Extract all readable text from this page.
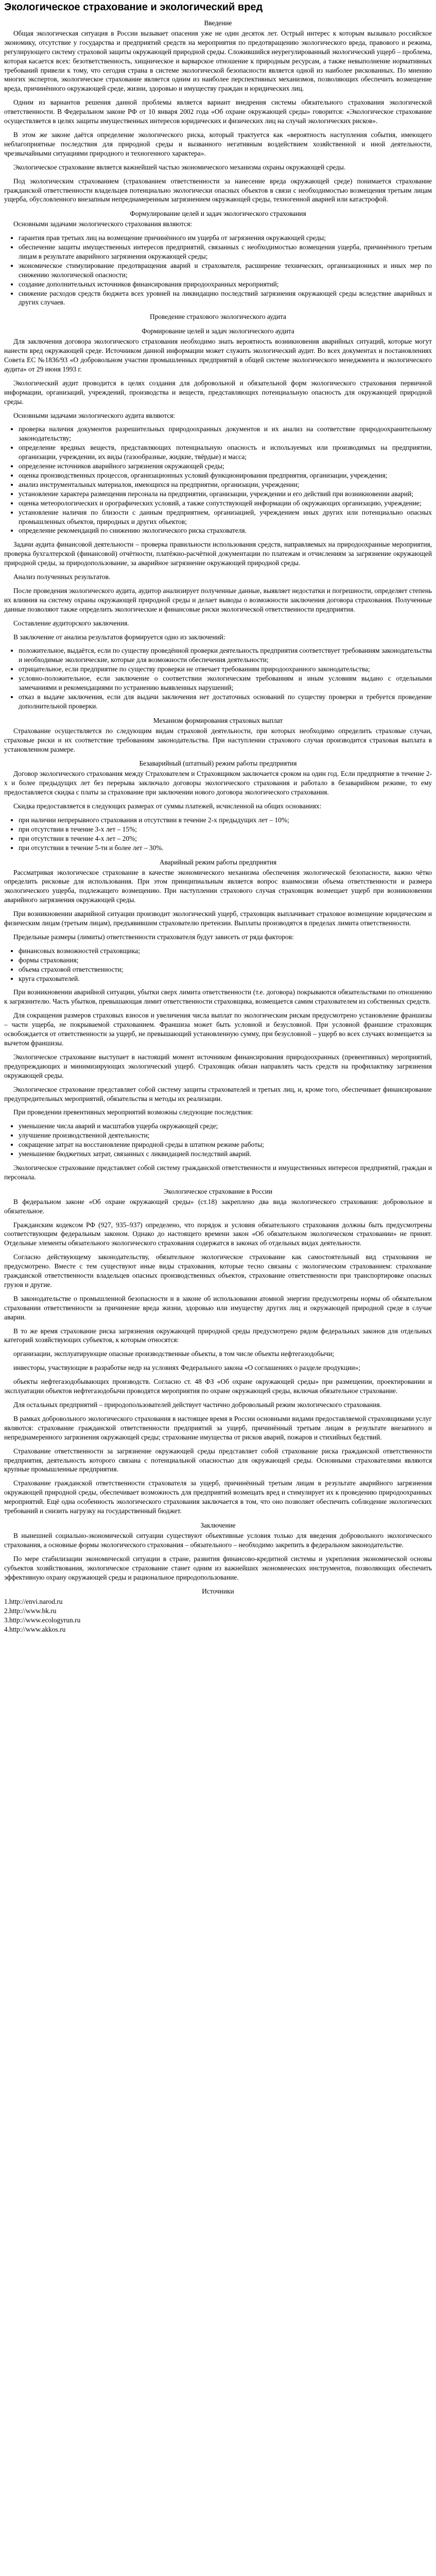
Экологическое страхование и экологический вред
Введение

Общая экологическая ситуация в России вызывает опасения уже не один десяток лет. Острый интерес к которым вызывало российское экономику, отсутствие у государства и предприятий средств на мероприятия по предотвращению экологического вреда, правового и режима, регулирующего систему страховой защиты окружающей природной среды. Сложившийся неурегулированный экологический ущерб – проблема, которая касается всех: безответственность, хищническое и варварское отношение к природным ресурсам, а также невыполнение нормативных требований привели к тому, что сегодня страна в системе экологической безопасности является одной из наиболее рискованных. По мнению многих экспертов, экологическое страхование является одним из наиболее перспективных механизмов, позволяющих обеспечить возмещение вреда, причинённого окружающей среде, жизни, здоровью и имуществу граждан и юридических лиц.

Одним из вариантов решения данной проблемы является вариант внедрения системы обязательного страхования экологической ответственности. В Федеральном законе РФ от 10 января 2002 года «Об охране окружающей среды» говорится: «Экологическое страхование осуществляется в целях защиты имущественных интересов юридических и физических лиц на случай экологических рисков».

В этом же законе даётся определение экологического риска, который трактуется как «вероятность наступления события, имеющего неблагоприятные последствия для природной среды и вызванного негативным воздействием хозяйственной и иной деятельности, чрезвычайными ситуациями природного и техногенного характера».

Экологическое страхование является важнейшей частью экономического механизма охраны окружающей среды.

Под экологическим страхованием (страхованием ответственности за нанесение вреда окружающей среде) понимается страхование гражданской ответственности владельцев потенциально экологически опасных объектов в связи с необходимостью возмещения третьим лицам ущерба, обусловленного внезапным непреднамеренным загрязнением окружающей среды, техногенной аварией или катастрофой.

Формулирование целей и задач экологического страхования

Основными задачами экологического страхования являются:

• гарантия прав третьих лиц на возмещение причинённого им ущерба от загрязнения окружающей среды;
• обеспечение защиты имущественных интересов предприятий, связанных с необходимостью возмещения ущерба, причинённого третьим лицам в результате аварийного загрязнения окружающей среды;
• экономическое стимулирование предотвращения аварий и страхователя, расширение технических, организационных и иных мер по снижению экологической опасности;
• создание дополнительных источников финансирования природоохранных мероприятий;
• снижение расходов средств бюджета всех уровней на ликвидацию последствий загрязнения окружающей среды вследствие аварийных и других случаев.
Проведение страхового экологического аудита
Формирование целей и задач экологического аудита

Для заключения договора экологического страхования необходимо знать вероятность возникновения аварийных ситуаций, которые могут нанести вред окружающей среде. Источником данной информации может служить экологический аудит. Во всех документах и постановлениях Совета ЕС №1836/93 «О добровольном участии промышленных предприятий в общей системе экологического менеджмента и экологического аудита» от 29 июня 1993 г.

Экологический аудит проводится в целях создания для добровольной и обязательной форм экологического страхования первичной информации, организаций, учреждений, производства и веществ, представляющих потенциальную опасность для окружающей природной среды.

Основными задачами экологического аудита являются:

• проверка наличия документов разрешительных природоохранных документов и их анализ на соответствие природоохранительному законодательству;
• определение вредных веществ, представляющих потенциальную опасность и используемых или производимых на предприятии, организации, учреждении, их виды (газообразные, жидкие, твёрдые) и масса;
• определение источников аварийного загрязнения окружающей среды;
• оценка производственных процессов, организационных условий функционирования предприятия, организации, учреждения;
• анализ инструментальных материалов, имеющихся на предприятии, организации, учреждении;
• установление характера размещения персонала на предприятии, организации, учреждении и его действий при возникновении аварий;
• оценка метеорологических и орографических условий, а также сопутствующей информации об окружающих организацию, учреждение;
• установление наличия по близости с данным предприятием, организацией, учреждением иных других или потенциально опасных промышленных объектов, природных и других объектов;
• определение рекомендаций по снижению экологического риска страхователя.

Задачи аудита финансовой деятельности – проверка правильности использования средств, направляемых на природоохранные мероприятия, проверка бухгалтерской (финансовой) отчётности, платёжно-расчётной документации по платежам и отчислениям за загрязнение окружающей природной среды, за природопользование, за аварийное загрязнение окружающей природной среды.

Анализ полученных результатов.

После проведения экологического аудита, аудитор анализирует полученные данные, выявляет недостатки и погрешности, определяет степень их влияния на систему охраны окружающей природной среды и делает выводы о возможности заключения договора страхования. Полученные данные позволяют также определить экологические и финансовые риски экологической ответственности предприятия.

Составление аудиторского заключения.

В заключение от анализа результатов формируется одно из заключений:

• положительное, выдаётся, если по существу проведённой проверки деятельность предприятия соответствует требованиям законодательства и необходимые экологические, которые для возможности обеспечения деятельности;
• отрицательное, если предприятие по существу проверки не отвечает требованиям природоохранного законодательства;
• условно-положительное, если заключение о соответствии экологическим требованиям и иным условиям выдано с отдельными замечаниями и рекомендациями по устранению выявленных нарушений;
• отказ в выдаче заключения, если для выдачи заключения нет достаточных оснований по существу проверки и требуется проведение дополнительной проверки.
Механизм формирования страховых выплат

Страхование осуществляется по следующим видам страховой деятельности, при которых необходимо определить страховые случаи, страховые риски и их соответствие требованиям законодательства. При наступлении страхового случая производится страховая выплата в установленном размере.

Безаварийный (штатный) режим работы предприятия

Договор экологического страхования между Страхователем и Страховщиком заключается сроком на один год. Если предприятие в течение 2-х и более предыдущих лет без перерыва заключало договоры экологического страхования и работало в безаварийном режиме, то ему предоставляется скидка с платы за страхование при заключении нового договора экологического страхования.

Скидка предоставляется в следующих размерах от суммы платежей, исчисленной на общих основаниях:

• при наличии непрерывного страхования и отсутствии в течение 2-х предыдущих лет – 10%;
• при отсутствии в течение 3-х лет – 15%;
• при отсутствии в течение 4-х лет – 20%;
• при отсутствии в течение 5-ти и более лет – 30%.
Аварийный режим работы предприятия

Рассматривая экологическое страхование в качестве экономического механизма обеспечения экологической безопасности, важно чётко определить рисковые для использования. При этом принципиальным является вопрос взаимосвязи объема ответственности и размера экологического ущерба, подлежащего возмещению. При наступлении страхового случая страховщик возмещает ущерб при возникновении аварийного загрязнения окружающей среды.

При возникновении аварийной ситуации производит экологический ущерб, страховщик выплачивает страховое возмещение юридическим и физическим лицам (третьим лицам), предъявившим страхователю претензии. Выплаты производятся в пределах лимита ответственности.

Предельные размеры (лимиты) ответственности страхователя будут зависеть от ряда факторов:

• финансовых возможностей страховщика;
• формы страхования;
• объема страховой ответственности;
• круга страхователей.

При возникновении аварийной ситуации, убытки сверх лимита ответственности (т.е. договора) покрываются обязательствами по отношению к загрязнителю. Часть убытков, превышающая лимит ответственности страховщика, возмещается самим страхователем из собственных средств.

Для сокращения размеров страховых взносов и увеличения числа выплат по экологическим рискам предусмотрено установление франшизы – части ущерба, не покрываемой страхованием. Франшиза может быть условной и безусловной. При условной франшизе страховщик освобождается от ответственности за ущерб, не превышающий установленную сумму, при безусловной – ущерб во всех случаях возмещается за вычетом франшизы.

Экологическое страхование выступает в настоящий момент источником финансирования природоохранных (превентивных) мероприятий, предупреждающих и минимизирующих экологический ущерб. Страховщик обязан направлять часть средств на профилактику загрязнения окружающей среды.

Экологическое страхование представляет собой систему защиты страхователей и третьих лиц, и, кроме того, обеспечивает финансирование предупредительных мероприятий, обязательства и методы их реализации.

При проведении превентивных мероприятий возможны следующие последствия:

• уменьшение числа аварий и масштабов ущерба окружающей среде;
• улучшение производственной деятельности;
• сокращение затрат на восстановление природной среды в штатном режиме работы;
• уменьшение бюджетных затрат, связанных с ликвидацией последствий аварий.

Экологическое страхование представляет собой систему гражданской ответственности и имущественных интересов предприятий, граждан и персонала.

Экологическое страхование в России

В федеральном законе «Об охране окружающей среды» (ст.18) закреплено два вида экологического страхования: добровольное и обязательное.

Гражданским кодексом РФ (927, 935–937) определено, что порядок и условия обязательного страхования должны быть предусмотрены соответствующим федеральным законом. Однако до настоящего времени закон «Об обязательном экологическом страховании» не принят. Отдельные элементы обязательного экологического страхования содержатся в законах об отдельных видах деятельности.

Согласно действующему законодательству, обязательное экологическое страхование как самостоятельный вид страхования не предусмотрено. Вместе с тем существуют иные виды страхования, которые тесно связаны с экологическим страхованием: страхование гражданской ответственности владельцев опасных производственных объектов, страхование ответственности при транспортировке опасных грузов и другие.

В законодательстве о промышленной безопасности и в законе об использовании атомной энергии предусмотрены нормы об обязательном страховании ответственности за причинение вреда жизни, здоровью или имуществу других лиц и окружающей природной среде в случае аварии.

В то же время страхование риска загрязнения окружающей природной среды предусмотрено рядом федеральных законов для отдельных категорий хозяйствующих субъектов, к которым относятся:

организации, эксплуатирующие опасные производственные объекты, в том числе объекты нефтегазодобычи;

инвесторы, участвующие в разработке недр на условиях Федерального закона «О соглашениях о разделе продукции»;

объекты нефтегазодобывающих производств. Согласно ст. 48 ФЗ «Об охране окружающей среды» при размещении, проектировании и эксплуатации объектов нефтегазодобычи проводятся мероприятия по охране окружающей среды, включая обязательное страхование.

Для остальных предприятий – природопользователей действует частично добровольный режим экологического страхования.

В рамках добровольного экологического страхования в настоящее время в России основными видами предоставляемой страховщиками услуг являются: страхование гражданской ответственности предприятий за ущерб, причинённый третьим лицам в результате внезапного и непреднамеренного загрязнения окружающей среды; страхование имущества от рисков аварий, пожаров и стихийных бедствий.

Страхование ответственности за загрязнение окружающей среды представляет собой страхование риска гражданской ответственности предприятия, деятельность которого связана с потенциальной опасностью для окружающей среды. Основными страхователями являются крупные промышленные предприятия.

Страхование гражданской ответственности страхователя за ущерб, причинённый третьим лицам в результате аварийного загрязнения окружающей природной среды, обеспечивает возможность для предприятий возмещать вред и стимулирует их к проведению природоохранных мероприятий. Ещё одна особенность экологического страхования заключается в том, что оно позволяет обеспечить соблюдение экологических требований и снизить нагрузку на государственный бюджет.

Заключение

В нынешней социально-экономической ситуации существуют объективные условия только для введения добровольного экологического страхования, а основные формы экологического страхования – обязательного – необходимо закрепить в федеральном законодательстве.

По мере стабилизации экономической ситуации в стране, развития финансово-кредитной системы и укрепления экономической основы субъектов хозяйствования, экологическое страхование станет одним из важнейших экономических инструментов, позволяющих обеспечить эффективную охрану окружающей среды и рациональное природопользование.

Источники

1.http://envi.narod.ru

2.http://www.bk.ru

3.http://www.ecologyrun.ru

4.http://www.akkos.ru
